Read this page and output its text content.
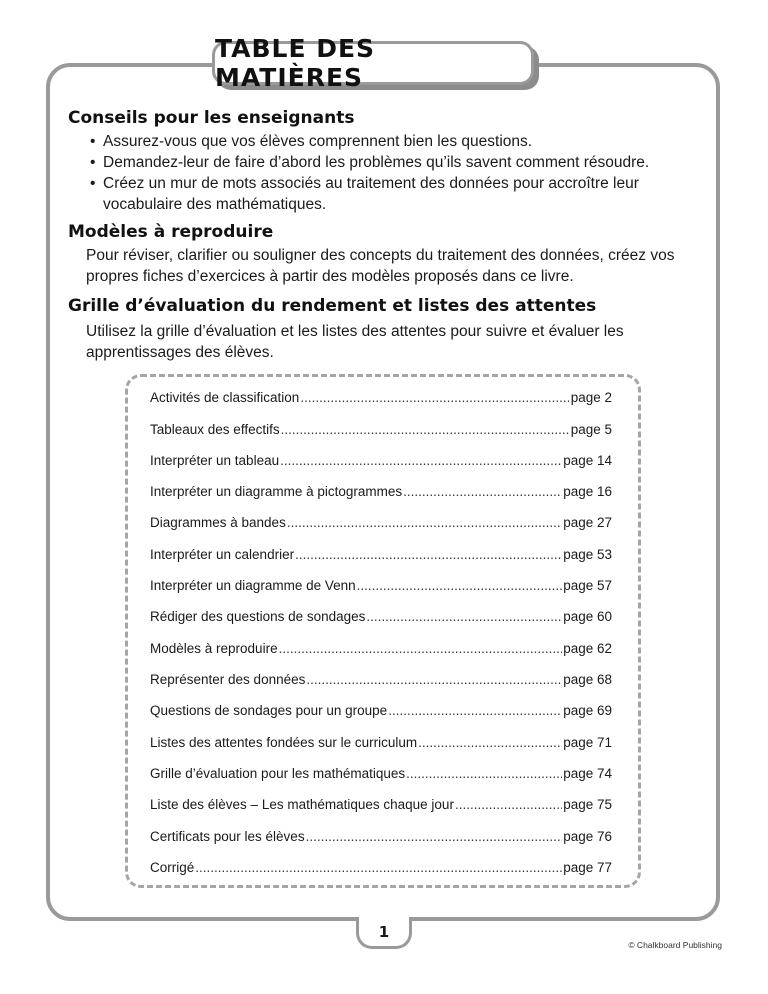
TABLE DES MATIÈRES
Conseils pour les enseignants
• Assurez-vous que vos élèves comprennent bien les questions.
• Demandez-leur de faire d’abord les problèmes qu’ils savent comment résoudre.
• Créez un mur de mots associés au traitement des données pour accroître leur vocabulaire des mathématiques.
Modèles à reproduire

Pour réviser, clarifier ou souligner des concepts du traitement des données, créez vos propres fiches d’exercices à partir des modèles proposés dans ce livre.

Grille d’évaluation du rendement et listes des attentes

Utilisez la grille d’évaluation et les listes des attentes pour suivre et évaluer les apprentissages des élèves.

Activités de classification .....	page 2
Tableaux des effectifs .....	page 5
Interpréter un tableau .....	page 14
Interpréter un diagramme à pictogrammes .....	page 16
Diagrammes à bandes .....	page 27
Interpréter un calendrier .....	page 53
Interpréter un diagramme de Venn .....	page 57
Rédiger des questions de sondages .....	page 60
Modèles à reproduire .....	page 62
Représenter des données .....	page 68
Questions de sondages pour un groupe .....	page 69
Listes des attentes fondées sur le curriculum .....	page 71
Grille d’évaluation pour les mathématiques .....	page 74
Liste des élèves – Les mathématiques chaque jour .....	page 75
Certificats pour les élèves .....	page 76
Corrigé .....	page 77
1
© Chalkboard Publishing
